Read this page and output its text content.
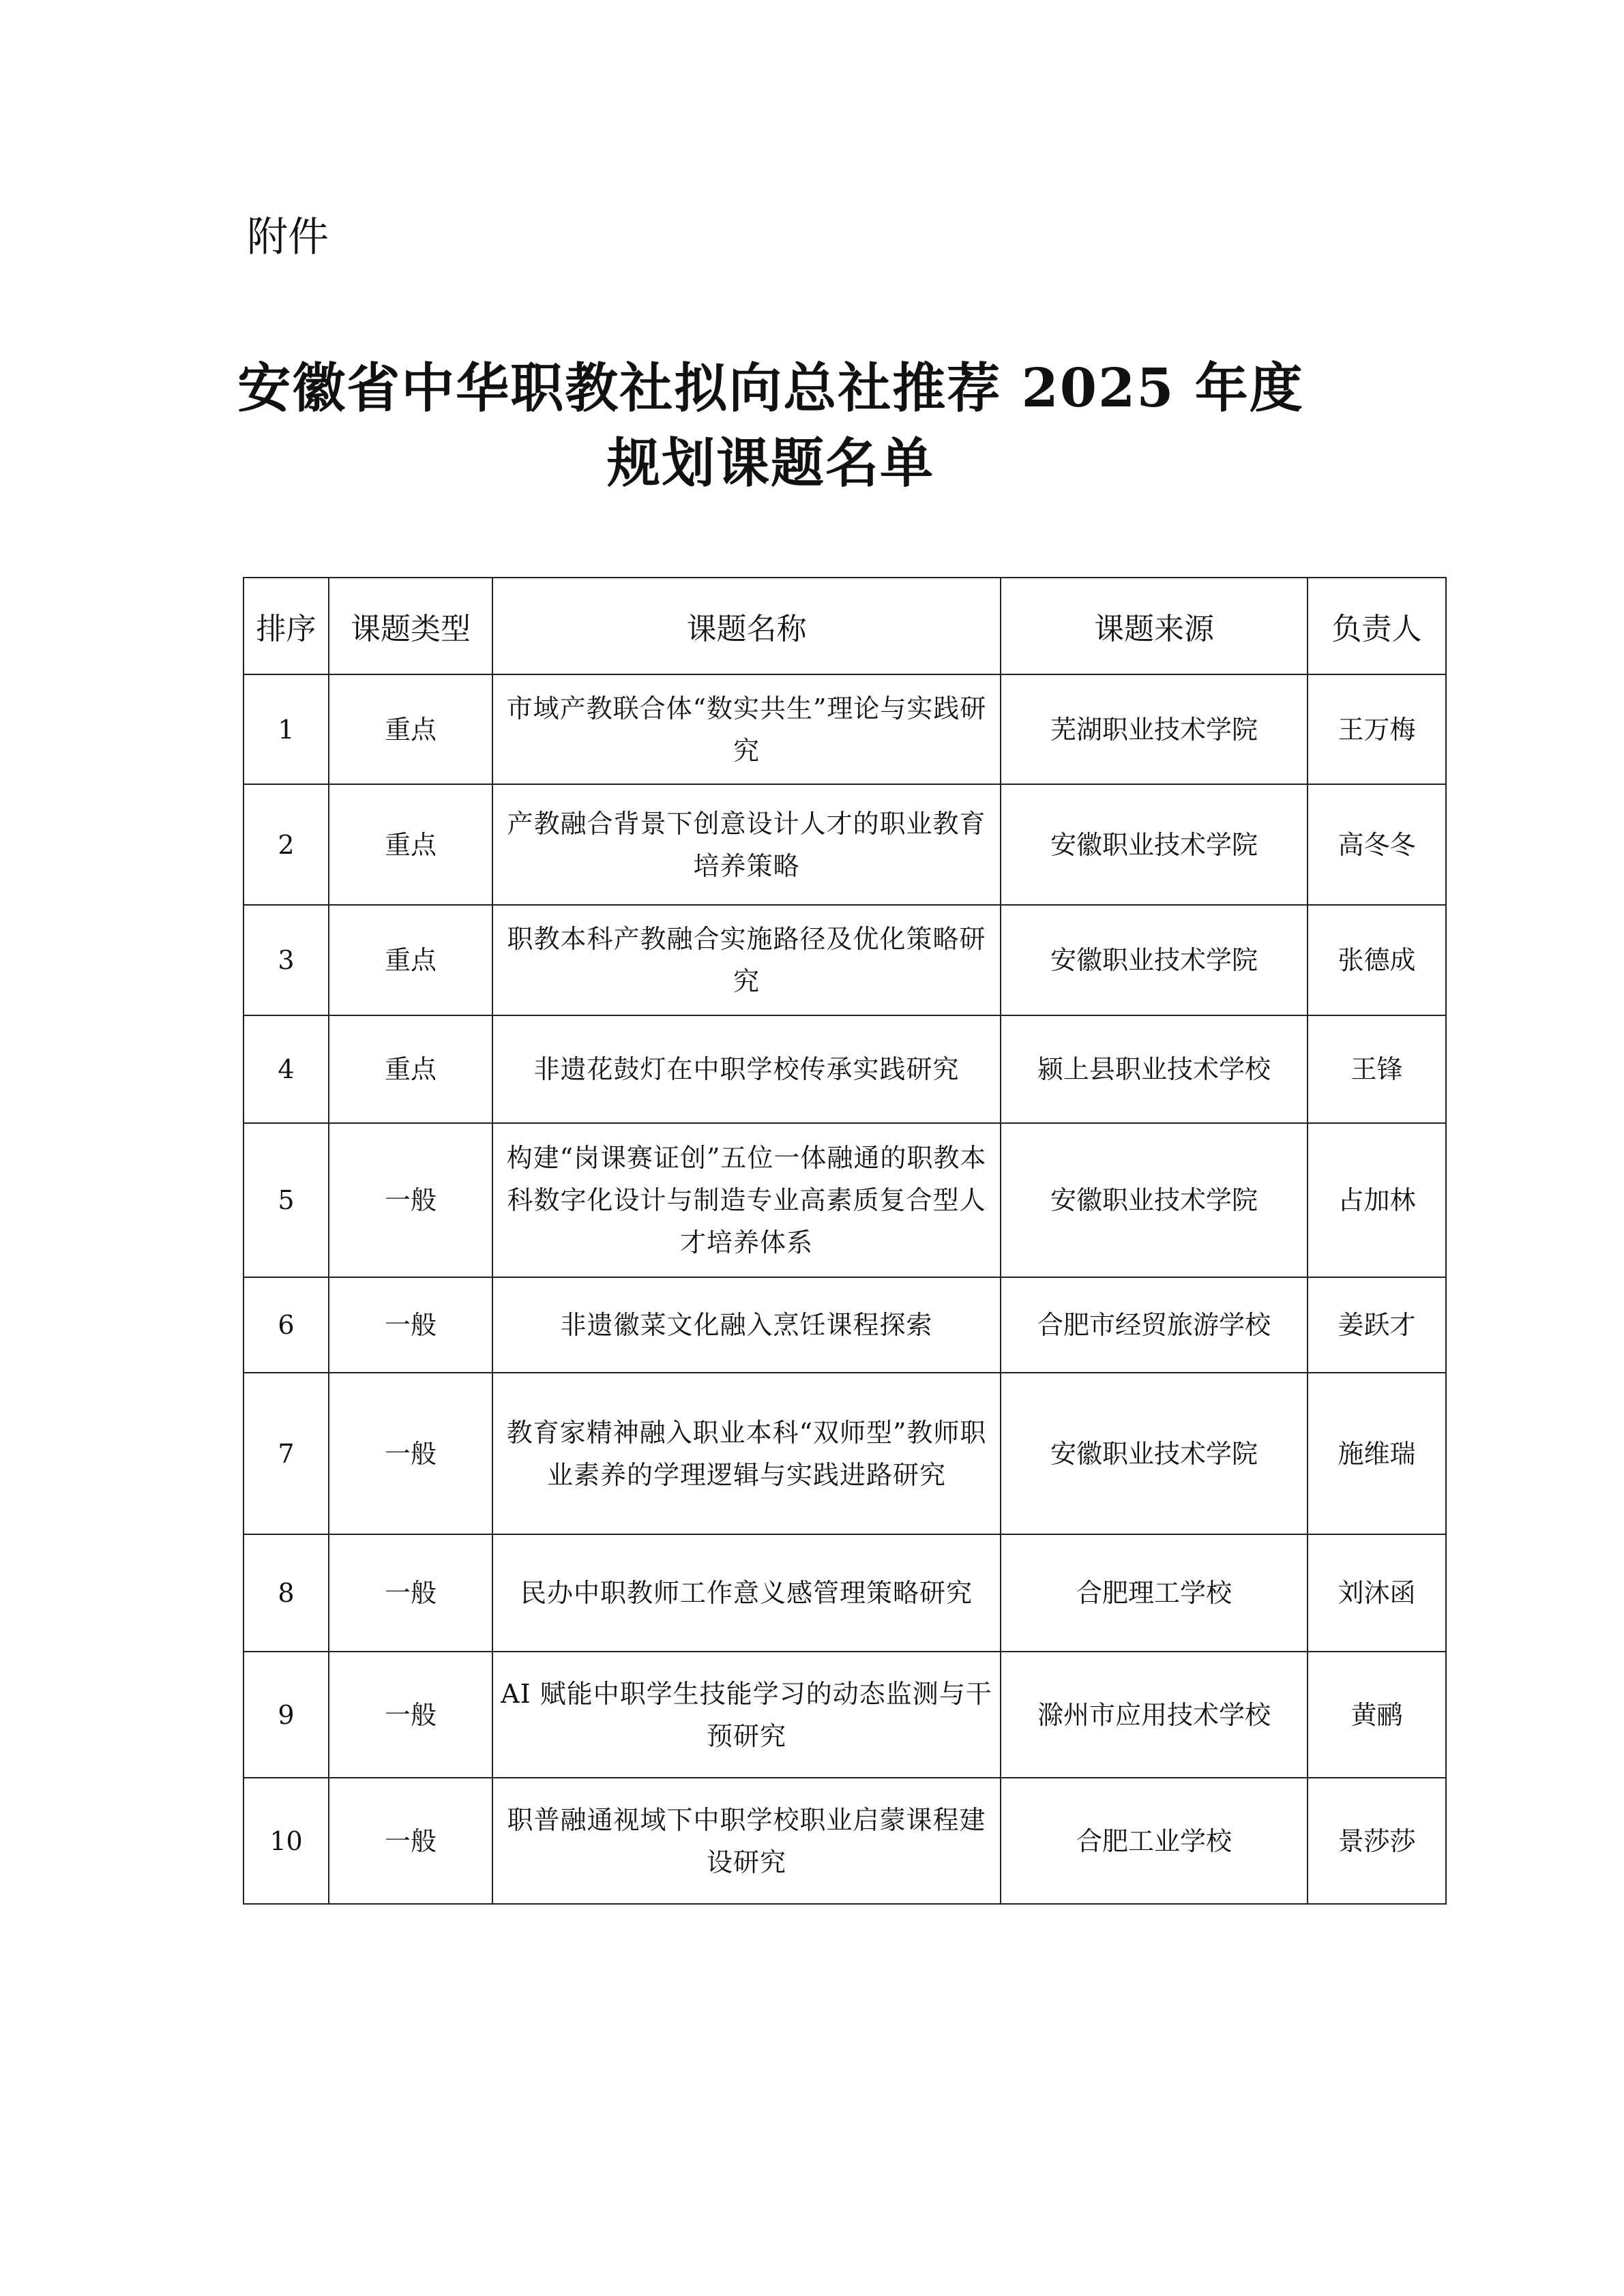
附件
安徽省中华职教社拟向总社推荐 2025 年度
规划课题名单
排序	课题类型	课题名称	课题来源	负责人
1	重点	市域产教联合体“数实共生”理论与实践研究	芜湖职业技术学院	王万梅
2	重点	产教融合背景下创意设计人才的职业教育培养策略	安徽职业技术学院	高冬冬
3	重点	职教本科产教融合实施路径及优化策略研究	安徽职业技术学院	张德成
4	重点	非遗花鼓灯在中职学校传承实践研究	颍上县职业技术学校	王锋
5	一般	构建“岗课赛证创”五位一体融通的职教本科数字化设计与制造专业高素质复合型人才培养体系	安徽职业技术学院	占加林
6	一般	非遗徽菜文化融入烹饪课程探索	合肥市经贸旅游学校	姜跃才
7	一般	教育家精神融入职业本科“双师型”教师职业素养的学理逻辑与实践进路研究	安徽职业技术学院	施维瑞
8	一般	民办中职教师工作意义感管理策略研究	合肥理工学校	刘沐函
9	一般	AI 赋能中职学生技能学习的动态监测与干预研究	滁州市应用技术学校	黄鹂
10	一般	职普融通视域下中职学校职业启蒙课程建设研究	合肥工业学校	景莎莎
